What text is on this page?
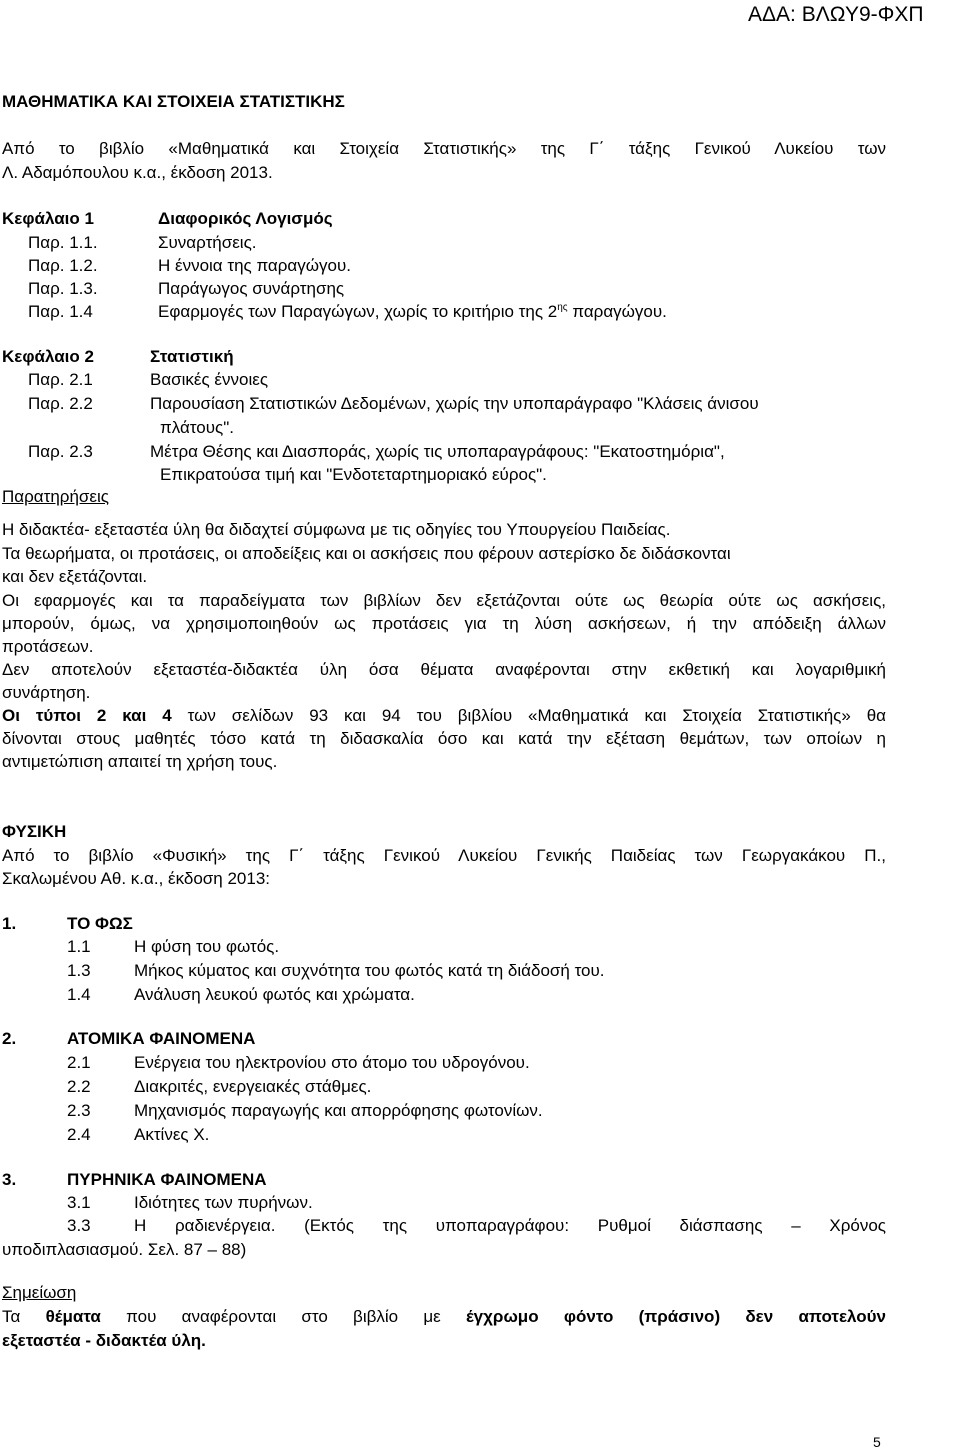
ΑΔΑ: ΒΛΩΥ9-ΦΧΠ
ΜΑΘΗΜΑΤΙΚΑ ΚΑΙ ΣΤΟΙΧΕΙΑ ΣΤΑΤΙΣΤΙΚΗΣ
Από το βιβλίο «Μαθηματικά και Στοιχεία Στατιστικής» της Γ΄ τάξης Γενικού Λυκείου των
Λ. Αδαμόπουλου κ.α., έκδοση 2013.
Κεφάλαιο 1	Διαφορικός Λογισμός
Παρ. 1.1.	Συναρτήσεις.
Παρ. 1.2.	Η έννοια της παραγώγου.
Παρ. 1.3.	Παράγωγος συνάρτησης
Παρ. 1.4	Εφαρμογές των Παραγώγων, χωρίς το κριτήριο της $2^{\eta\varsigma}$ παραγώγου.
Κεφάλαιο 2	Στατιστική
Παρ. 2.1	Βασικές έννοιες
Παρ. 2.2	Παρουσίαση Στατιστικών Δεδομένων, χωρίς την υποπαράγραφο "Κλάσεις άνισου
πλάτους".
Παρ. 2.3	Μέτρα Θέσης και Διασποράς, χωρίς τις υποπαραγράφους: "Εκατοστημόρια",
Επικρατούσα τιμή και "Ενδοτεταρτημοριακό εύρος".
Παρατηρήσεις
Η διδακτέα- εξεταστέα ύλη θα διδαχτεί σύμφωνα με τις οδηγίες του Υπουργείου Παιδείας.
Τα θεωρήματα, οι προτάσεις, οι αποδείξεις και οι ασκήσεις που φέρουν αστερίσκο δε διδάσκονται
και δεν εξετάζονται.
Οι εφαρμογές και τα παραδείγματα των βιβλίων δεν εξετάζονται ούτε ως θεωρία ούτε ως ασκήσεις,
μπορούν, όμως, να χρησιμοποιηθούν ως προτάσεις για τη λύση ασκήσεων, ή την απόδειξη άλλων
προτάσεων.
Δεν αποτελούν εξεταστέα-διδακτέα ύλη όσα θέματα αναφέρονται στην εκθετική και λογαριθμική
συνάρτηση.
Οι τύποι 2 και 4 των σελίδων 93 και 94 του βιβλίου «Μαθηματικά και Στοιχεία Στατιστικής» θα
δίνονται στους μαθητές τόσο κατά τη διδασκαλία όσο και κατά την εξέταση θεμάτων, των οποίων η
αντιμετώπιση απαιτεί τη χρήση τους.
ΦΥΣΙΚΗ
Από το βιβλίο «Φυσική» της Γ΄ τάξης Γενικού Λυκείου Γενικής Παιδείας των Γεωργακάκου Π.,
Σκαλωμένου Αθ. κ.α., έκδοση 2013:
1.	ΤΟ ΦΩΣ
1.1	Η φύση του φωτός.
1.3	Μήκος κύματος και συχνότητα του φωτός κατά τη διάδοσή του.
1.4	Ανάλυση λευκού φωτός και χρώματα.
2.	ΑΤΟΜΙΚΑ ΦΑΙΝΟΜΕΝΑ
2.1	Ενέργεια του ηλεκτρονίου στο άτομο του υδρογόνου.
2.2	Διακριτές, ενεργειακές στάθμες.
2.3	Μηχανισμός παραγωγής και απορρόφησης φωτονίων.
2.4	Ακτίνες Χ.
3.	ΠΥΡΗΝΙΚΑ ΦΑΙΝΟΜΕΝΑ
3.1	Ιδιότητες των πυρήνων.
3.3	Η ραδιενέργεια. (Εκτός της υποπαραγράφου: Ρυθμοί διάσπασης – Χρόνος
υποδιπλασιασμού. Σελ. 87 – 88)
Σημείωση
Τα θέματα που αναφέρονται στο βιβλίο με έγχρωμο φόντο (πράσινο) δεν αποτελούν
εξεταστέα - διδακτέα ύλη.
5
